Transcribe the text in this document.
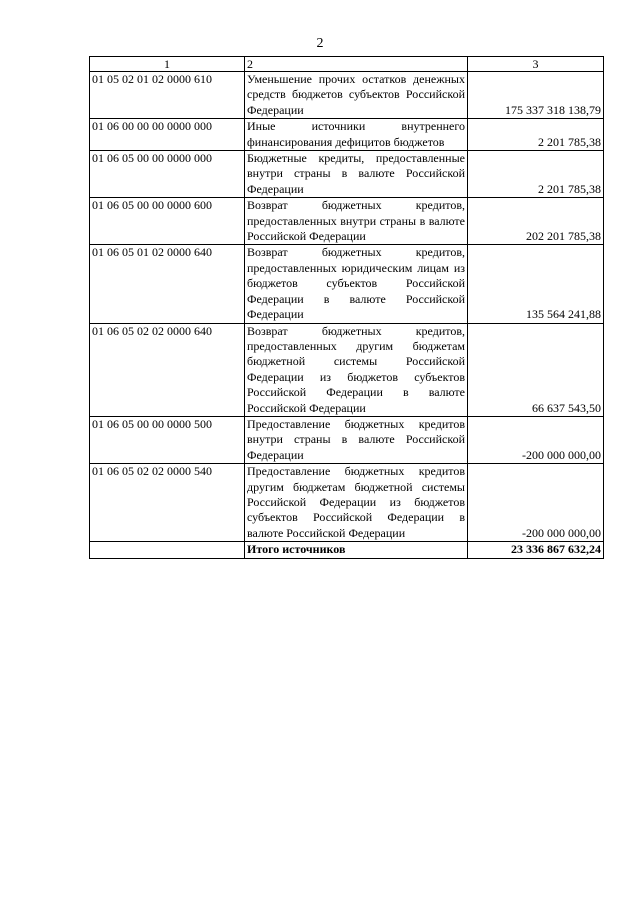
2
1	2	3
01 05 02 01 02 0000 610	Уменьшение прочих остатков денежных средств бюджетов субъектов Российской Федерации	175 337 318 138,79
01 06 00 00 00 0000 000	Иные источники внутреннего финансирования дефицитов бюджетов	2 201 785,38
01 06 05 00 00 0000 000	Бюджетные кредиты, предоставленные внутри страны в валюте Российской Федерации	2 201 785,38
01 06 05 00 00 0000 600	Возврат бюджетных кредитов, предоставленных внутри страны в валюте Российской Федерации	202 201 785,38
01 06 05 01 02 0000 640	Возврат бюджетных кредитов, предоставленных юридическим лицам из бюджетов субъектов Российской Федерации в валюте Российской Федерации	135 564 241,88
01 06 05 02 02 0000 640	Возврат бюджетных кредитов, предоставленных другим бюджетам бюджетной системы Российской Федерации из бюджетов субъектов Российской Федерации в валюте Российской Федерации	66 637 543,50
01 06 05 00 00 0000 500	Предоставление бюджетных кредитов внутри страны в валюте Российской Федерации	-200 000 000,00
01 06 05 02 02 0000 540	Предоставление бюджетных кредитов другим бюджетам бюджетной системы Российской Федерации из бюджетов субъектов Российской Федерации в валюте Российской Федерации	-200 000 000,00
	Итого источников	23 336 867 632,24
